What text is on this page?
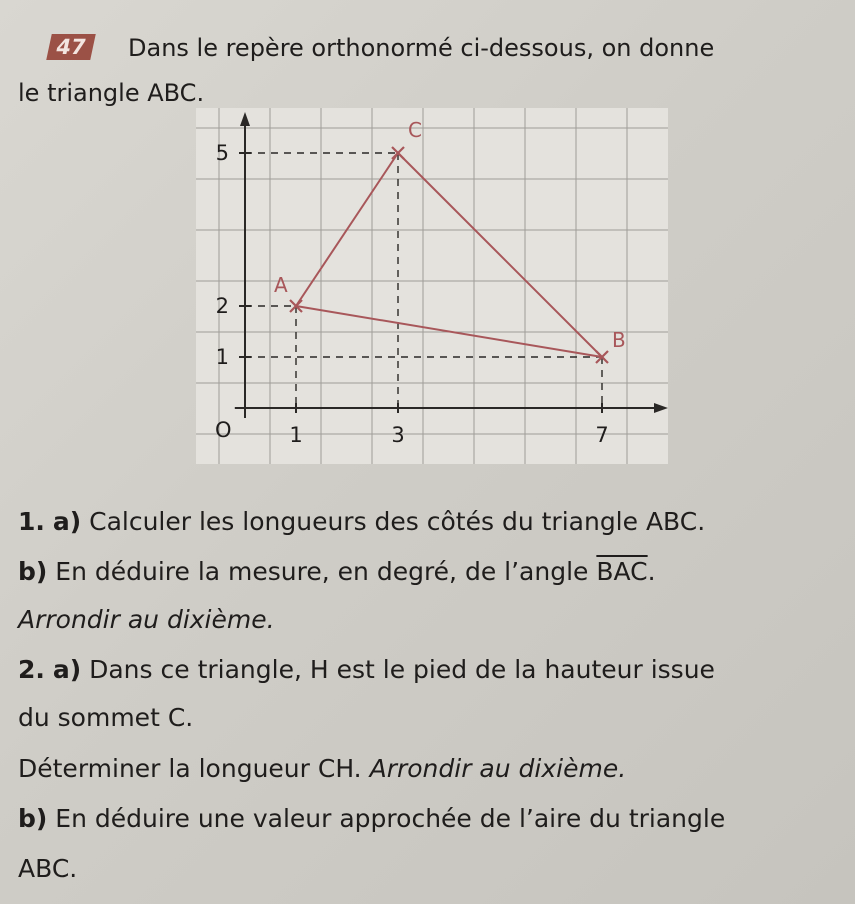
47	Dans le repère orthonormé ci-dessous, on donne
le triangle ABC.
A
B
C
O	1	3	7
5
2
1
1. a) Calculer les longueurs des côtés du triangle ABC.
b) En déduire la mesure, en degré, de l’angle $\overline{BAC}$.
Arrondir au dixième.
2. a) Dans ce triangle, H est le pied de la hauteur issue
du sommet C.
Déterminer la longueur CH. Arrondir au dixième.
b) En déduire une valeur approchée de l’aire du triangle
ABC.
